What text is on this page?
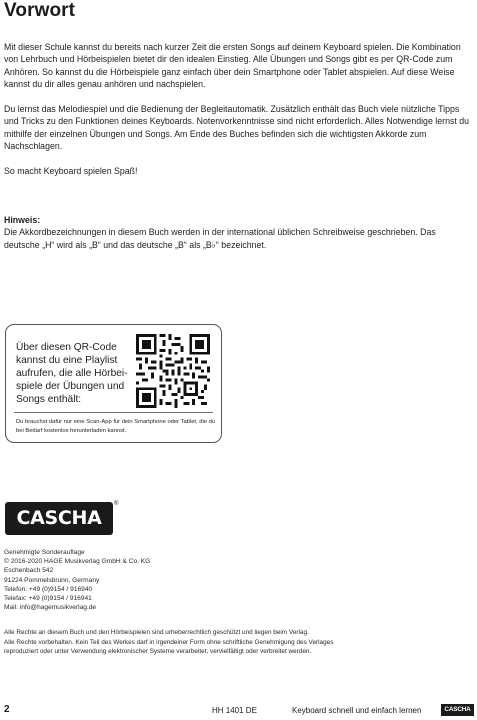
Vorwort

Mit dieser Schule kannst du bereits nach kurzer Zeit die ersten Songs auf deinem Keyboard spielen. Die Kombination von Lehrbuch und Hörbeispielen bietet dir den idealen Einstieg. Alle Übungen und Songs gibt es per QR-Code zum Anhören. So kannst du die Hörbeispiele ganz einfach über dein Smartphone oder Tablet abspielen. Auf diese Weise kannst du dir alles genau anhören und nachspielen.

Du lernst das Melodiespiel und die Bedienung der Begleitautomatik. Zusätzlich enthält das Buch viele nützliche Tipps und Tricks zu den Funktionen deines Keyboards. Notenvorkenntnisse sind nicht erforderlich. Alles Notwendige lernst du mithilfe der einzelnen Übungen und Songs. Am Ende des Buches befinden sich die wichtigsten Akkorde zum Nachschlagen.

So macht Keyboard spielen Spaß!

Hinweis:
Die Akkordbezeichnungen in diesem Buch werden in der international üblichen Schreibweise geschrieben. Das deutsche „H“ wird als „B“ und das deutsche „B“ als „B♭“ bezeichnet.
Über diesen QR-Code kannst du eine Playlist aufrufen, die alle Hörbei- spiele der Übungen und Songs enthält:
Du brauchst dafür nur eine Scan-App für dein Smartphone oder Tablet, die du bei Bedarf kostenlos herunterladen kannst.
CASCHA
®
Genehmigte Sonderauflage
© 2016-2020 HAGE Musikverlag GmbH & Co. KG
Eschenbach 542
91224 Pommelsbrunn, Germany
Telefon: +49 (0)9154 / 916940
Telefax: +49 (0)9154 / 916941
Mail: info@hagemusikverlag.de
Alle Rechte an diesem Buch und den Hörbeispielen sind urheberrechtlich geschützt und liegen beim Verlag.
Alle Rechte vorbehalten. Kein Teil des Werkes darf in irgendeiner Form ohne schriftliche Genehmigung des Verlages
reproduziert oder unter Verwendung elektronischer Systeme verarbeitet, vervielfältigt oder verbreitet werden.
2	HH 1401 DE	Keyboard schnell und einfach lernen	CASCHA
